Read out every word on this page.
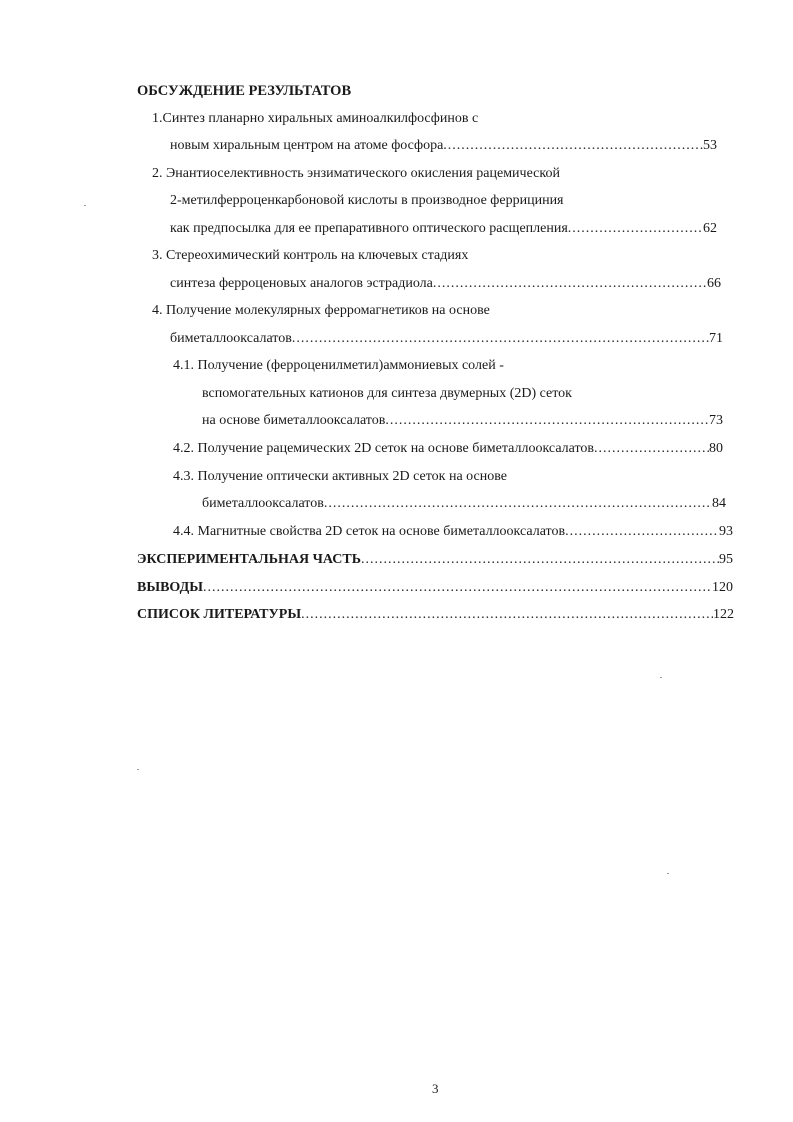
ОБСУЖДЕНИЕ РЕЗУЛЬТАТОВ
1.Синтез планарно хиральных аминоалкилфосфинов с
новым хиральным центром на атоме фосфора .....	53
2. Энантиоселективность энзиматического окисления рацемической
2-метилферроценкарбоновой кислоты в производное феррициния
как предпосылка для ее препаративного оптического расщепления .....	62
3. Стереохимический контроль на ключевых стадиях
синтеза ферроценовых аналогов эстрадиола .....	66
4. Получение молекулярных ферромагнетиков на основе
биметаллооксалатов .....	71
4.1. Получение (ферроценилметил)аммониевых солей -
вспомогательных катионов для синтеза двумерных (2D) сеток
на основе биметаллооксалатов .....	73
4.2. Получение рацемических 2D сеток на основе биметаллооксалатов .....	80
4.3. Получение оптически активных 2D сеток на основе
биметаллооксалатов .....	84
4.4. Магнитные свойства 2D сеток на основе биметаллооксалатов .....	93
ЭКСПЕРИМЕНТАЛЬНАЯ ЧАСТЬ .....	95
ВЫВОДЫ .....	120
СПИСОК ЛИТЕРАТУРЫ .....	122
3
